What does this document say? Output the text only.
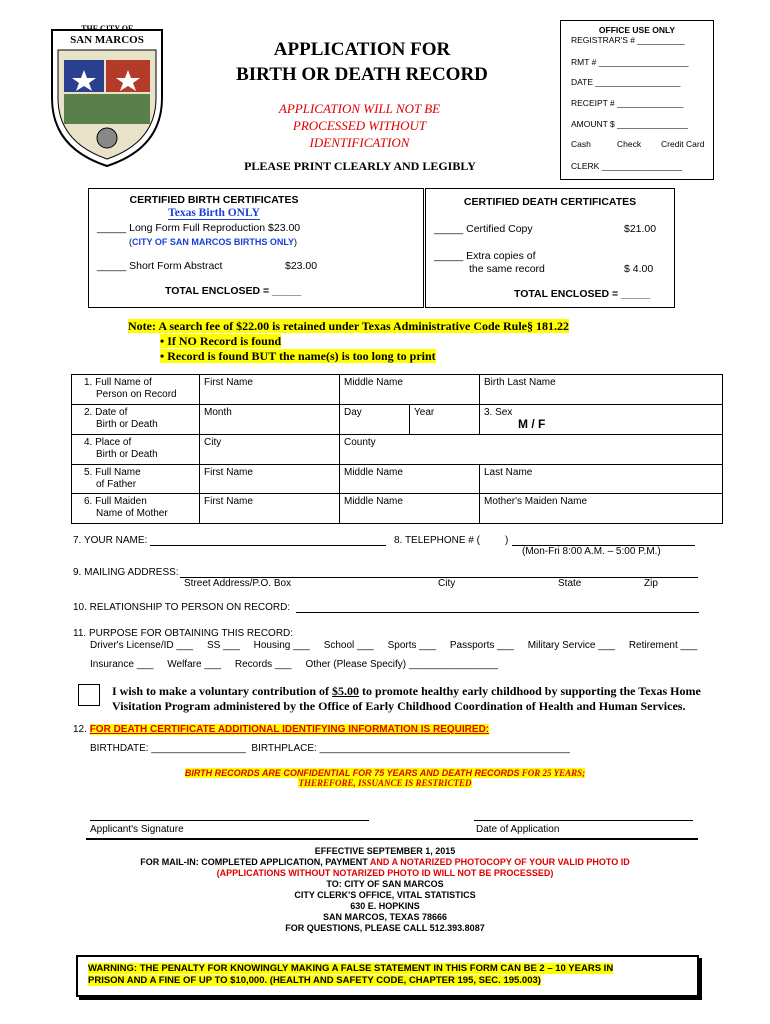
THE CITY OF
SAN MARCOS	APPLICATION FOR
BIRTH OR DEATH RECORD
APPLICATION WILL NOT BE
PROCESSED WITHOUT
IDENTIFICATION
PLEASE PRINT CLEARLY AND LEGIBLY
OFFICE USE ONLY
REGISTRAR'S # __________
RMT # ___________________
DATE __________________
RECEIPT # ______________
AMOUNT $ _______________
Cash	Check Credit Card
CLERK _________________
CERTIFIED BIRTH CERTIFICATES
Texas Birth ONLY
_____ Long Form Full Reproduction $23.00
(CITY OF SAN MARCOS BIRTHS ONLY)
_____ Short Form Abstract	$23.00
TOTAL ENCLOSED = _____
CERTIFIED DEATH CERTIFICATES
_____ Certified Copy	$21.00
_____ Extra copies of
the same record	$ 4.00
TOTAL ENCLOSED = _____
Note: A search fee of $22.00 is retained under Texas Administrative Code Rule§ 181.22
• If NO Record is found
• Record is found BUT the name(s) is too long to print
1. Full Name of
Person on Record
First Name	Middle Name	Birth Last Name
2. Date of
Birth or Death
Month	Day	Year	3. Sex
M / F
4. Place of
Birth or Death
City	County
5. Full Name
of Father
First Name	Middle Name	Last Name
6. Full Maiden
Name of Mother
First Name	Middle Name	Mother's Maiden Name
7. YOUR NAME:	8. TELEPHONE # (	)
(Mon-Fri 8:00 A.M. – 5:00 P.M.)
9. MAILING ADDRESS:
Street Address/P.O. Box	City	State	Zip
10. RELATIONSHIP TO PERSON ON RECORD:
11. PURPOSE FOR OBTAINING THIS RECORD:
Driver's License/ID ___     SS ___     Housing ___     School ___     Sports ___     Passports ___     Military Service ___     Retirement ___
Insurance ___     Welfare ___     Records ___     Other (Please Specify) ________________
I wish to make a voluntary contribution of $5.00 to promote healthy early childhood by supporting the Texas Home
Visitation Program administered by the Office of Early Childhood Coordination of Health and Human Services.
12. FOR DEATH CERTIFICATE ADDITIONAL IDENTIFYING INFORMATION IS REQUIRED:
BIRTHDATE: _________________  BIRTHPLACE: _____________________________________________
BIRTH RECORDS ARE CONFIDENTIAL FOR 75 YEARS AND DEATH RECORDS FOR 25 YEARS;
THEREFORE, ISSUANCE IS RESTRICTED
Applicant's Signature	Date of Application
EFFECTIVE SEPTEMBER 1, 2015
FOR MAIL-IN: COMPLETED APPLICATION, PAYMENT AND A NOTARIZED PHOTOCOPY OF YOUR VALID PHOTO ID
(APPLICATIONS WITHOUT NOTARIZED PHOTO ID WILL NOT BE PROCESSED)
TO: CITY OF SAN MARCOS
CITY CLERK'S OFFICE, VITAL STATISTICS
630 E. HOPKINS
SAN MARCOS, TEXAS 78666
FOR QUESTIONS, PLEASE CALL 512.393.8087
WARNING: THE PENALTY FOR KNOWINGLY MAKING A FALSE STATEMENT IN THIS FORM CAN BE 2 – 10 YEARS IN
PRISON AND A FINE OF UP TO $10,000. (HEALTH AND SAFETY CODE, CHAPTER 195, SEC. 195.003)
